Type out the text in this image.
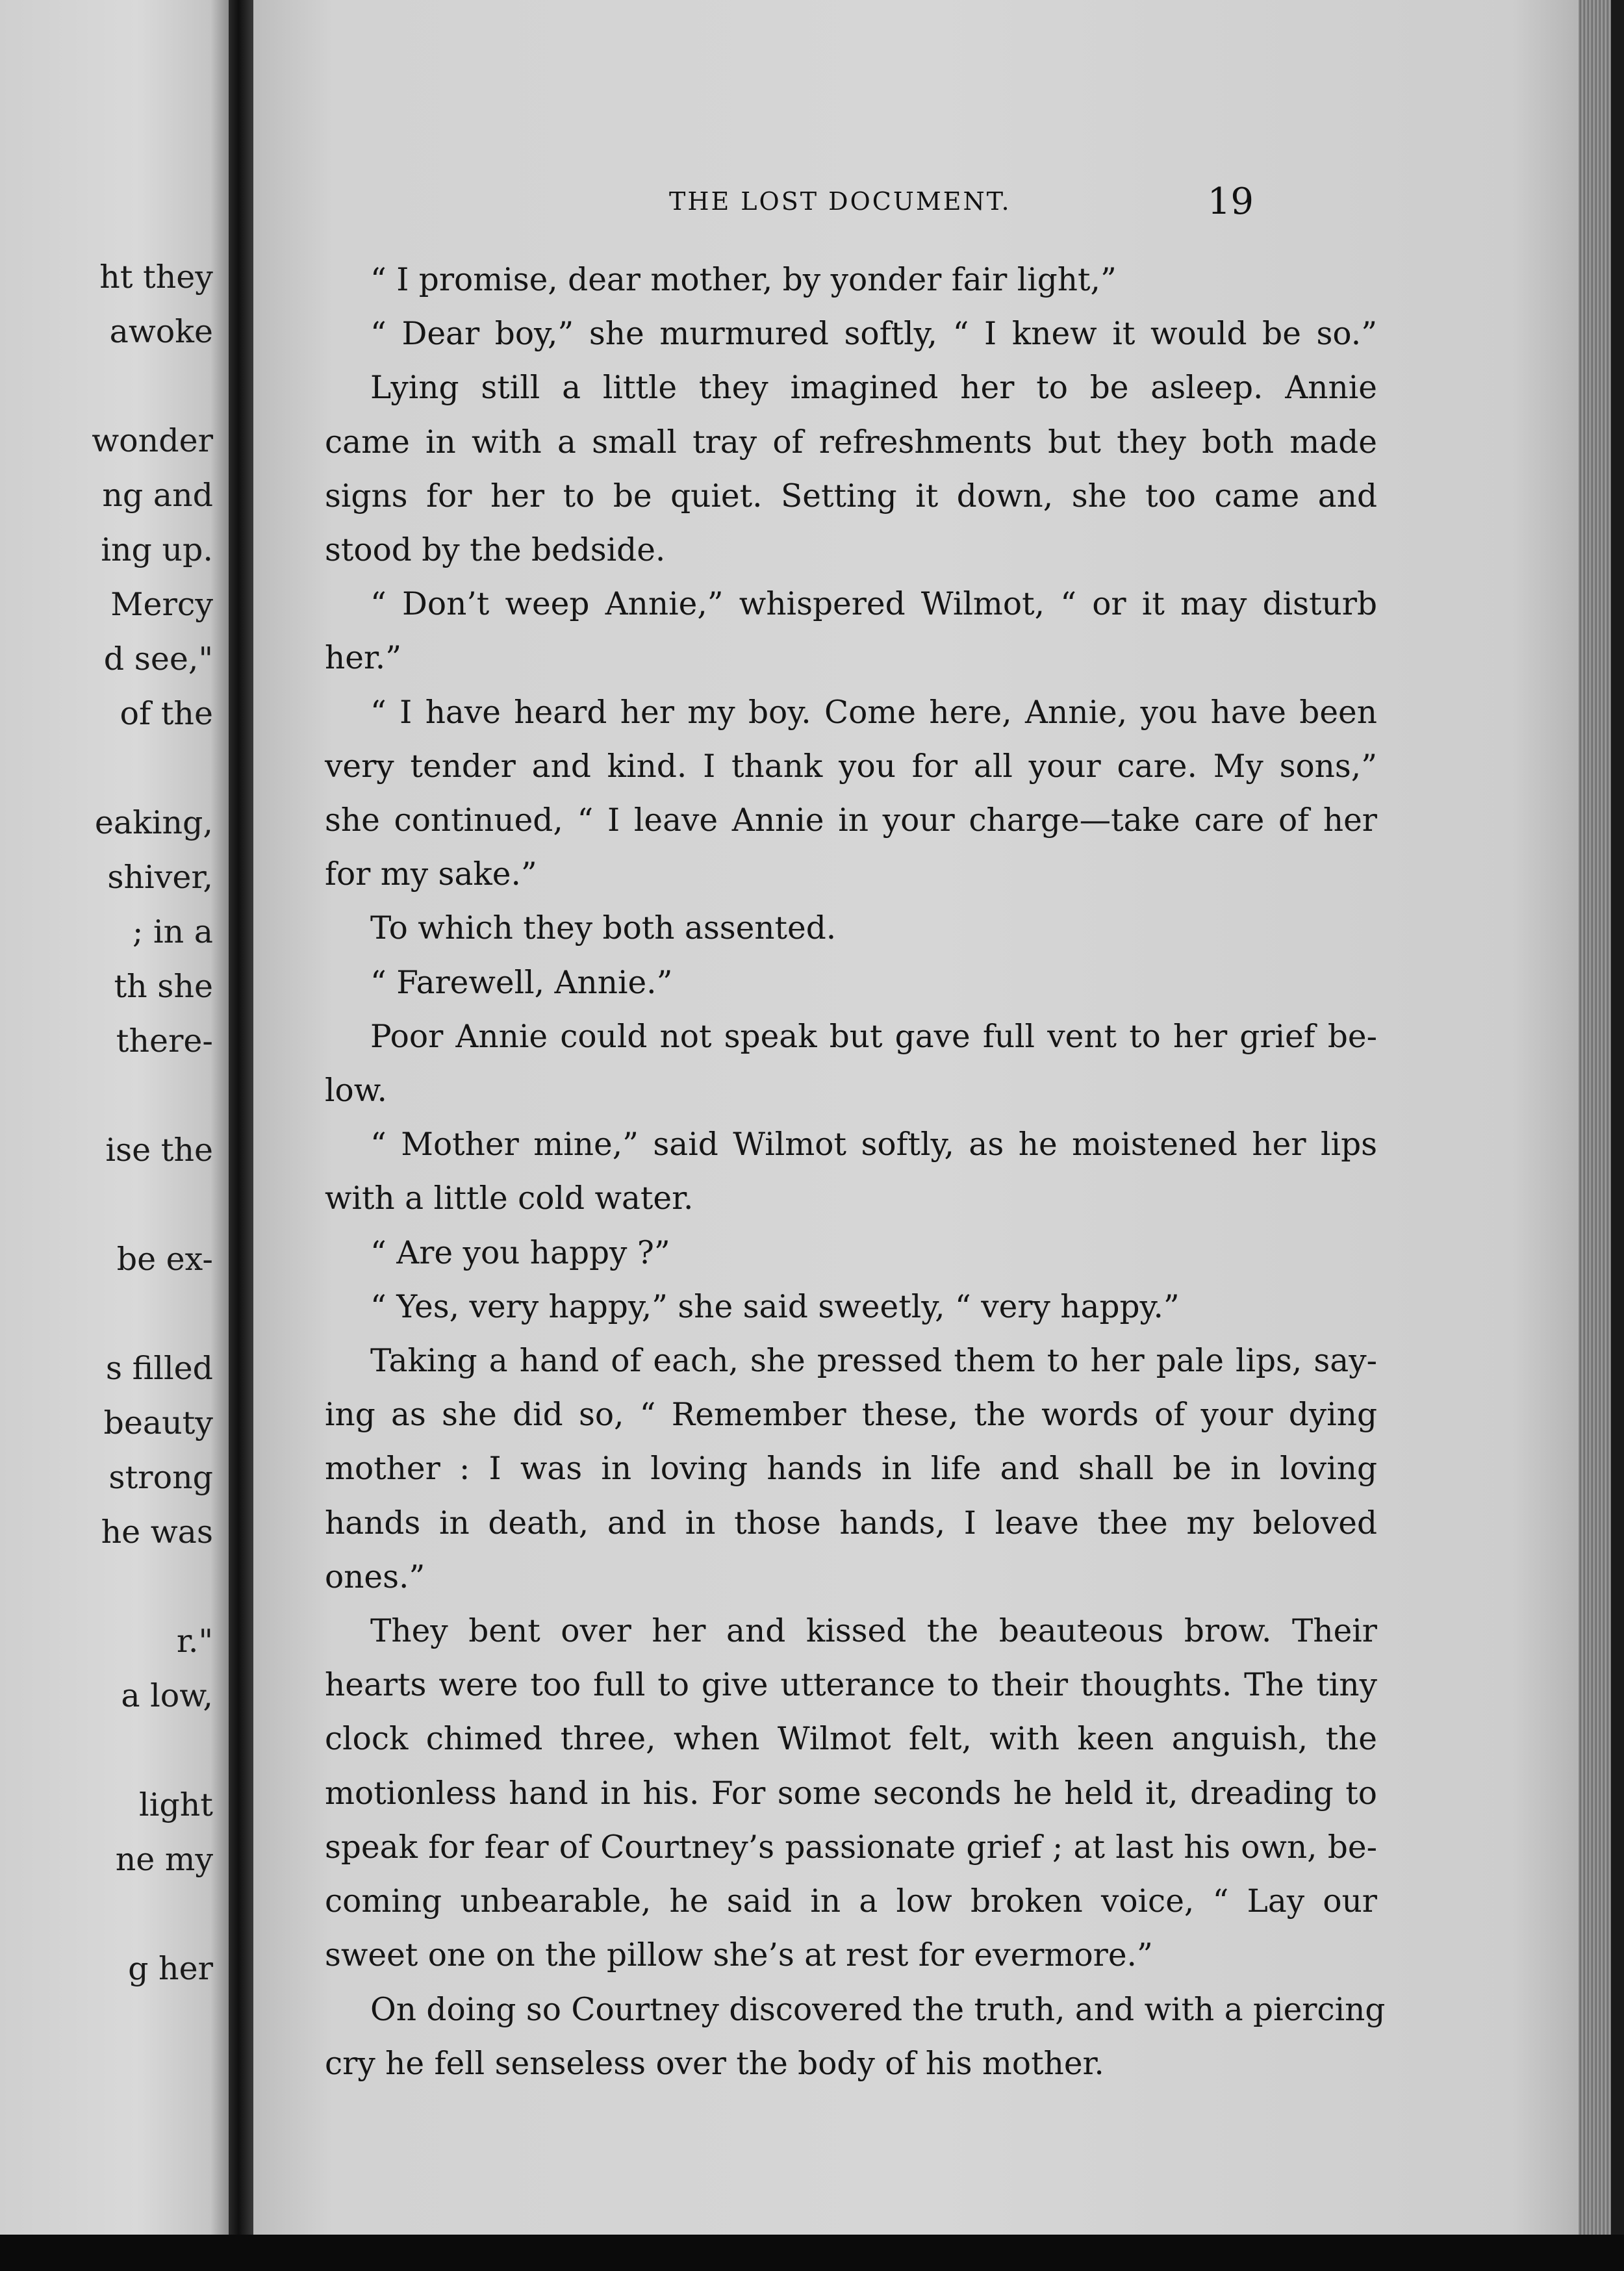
ht they
awoke
wonder
ng and
ing up.
Mercy
d see,"
of the
eaking,
shiver,
; in a
th she
there-
ise the
be ex-
s filled
beauty
strong
he was
r."
a low,
light
ne my
g her
THE LOST DOCUMENT.	19
“ I promise, dear mother, by yonder fair light,”
“ Dear boy,” she murmured softly, “ I knew it would be so.”
Lying still a little they imagined her to be asleep. Annie
came in with a small tray of refreshments but they both made
signs for her to be quiet. Setting it down, she too came and
stood by the bedside.
“ Don’t weep Annie,” whispered Wilmot, “ or it may disturb
her.”
“ I have heard her my boy. Come here, Annie, you have been
very tender and kind. I thank you for all your care. My sons,”
she continued, “ I leave Annie in your charge—take care of her
for my sake.”
To which they both assented.
“ Farewell, Annie.”
Poor Annie could not speak but gave full vent to her grief be-
low.
“ Mother mine,” said Wilmot softly, as he moistened her lips
with a little cold water.
“ Are you happy ?”
“ Yes, very happy,” she said sweetly, “ very happy.”
Taking a hand of each, she pressed them to her pale lips, say-
ing as she did so, “ Remember these, the words of your dying
mother : I was in loving hands in life and shall be in loving
hands in death, and in those hands, I leave thee my beloved
ones.”
They bent over her and kissed the beauteous brow. Their
hearts were too full to give utterance to their thoughts. The tiny
clock chimed three, when Wilmot felt, with keen anguish, the
motionless hand in his. For some seconds he held it, dreading to
speak for fear of Courtney’s passionate grief ; at last his own, be-
coming unbearable, he said in a low broken voice, “ Lay our
sweet one on the pillow she’s at rest for evermore.”
On doing so Courtney discovered the truth, and with a piercing
cry he fell senseless over the body of his mother.
